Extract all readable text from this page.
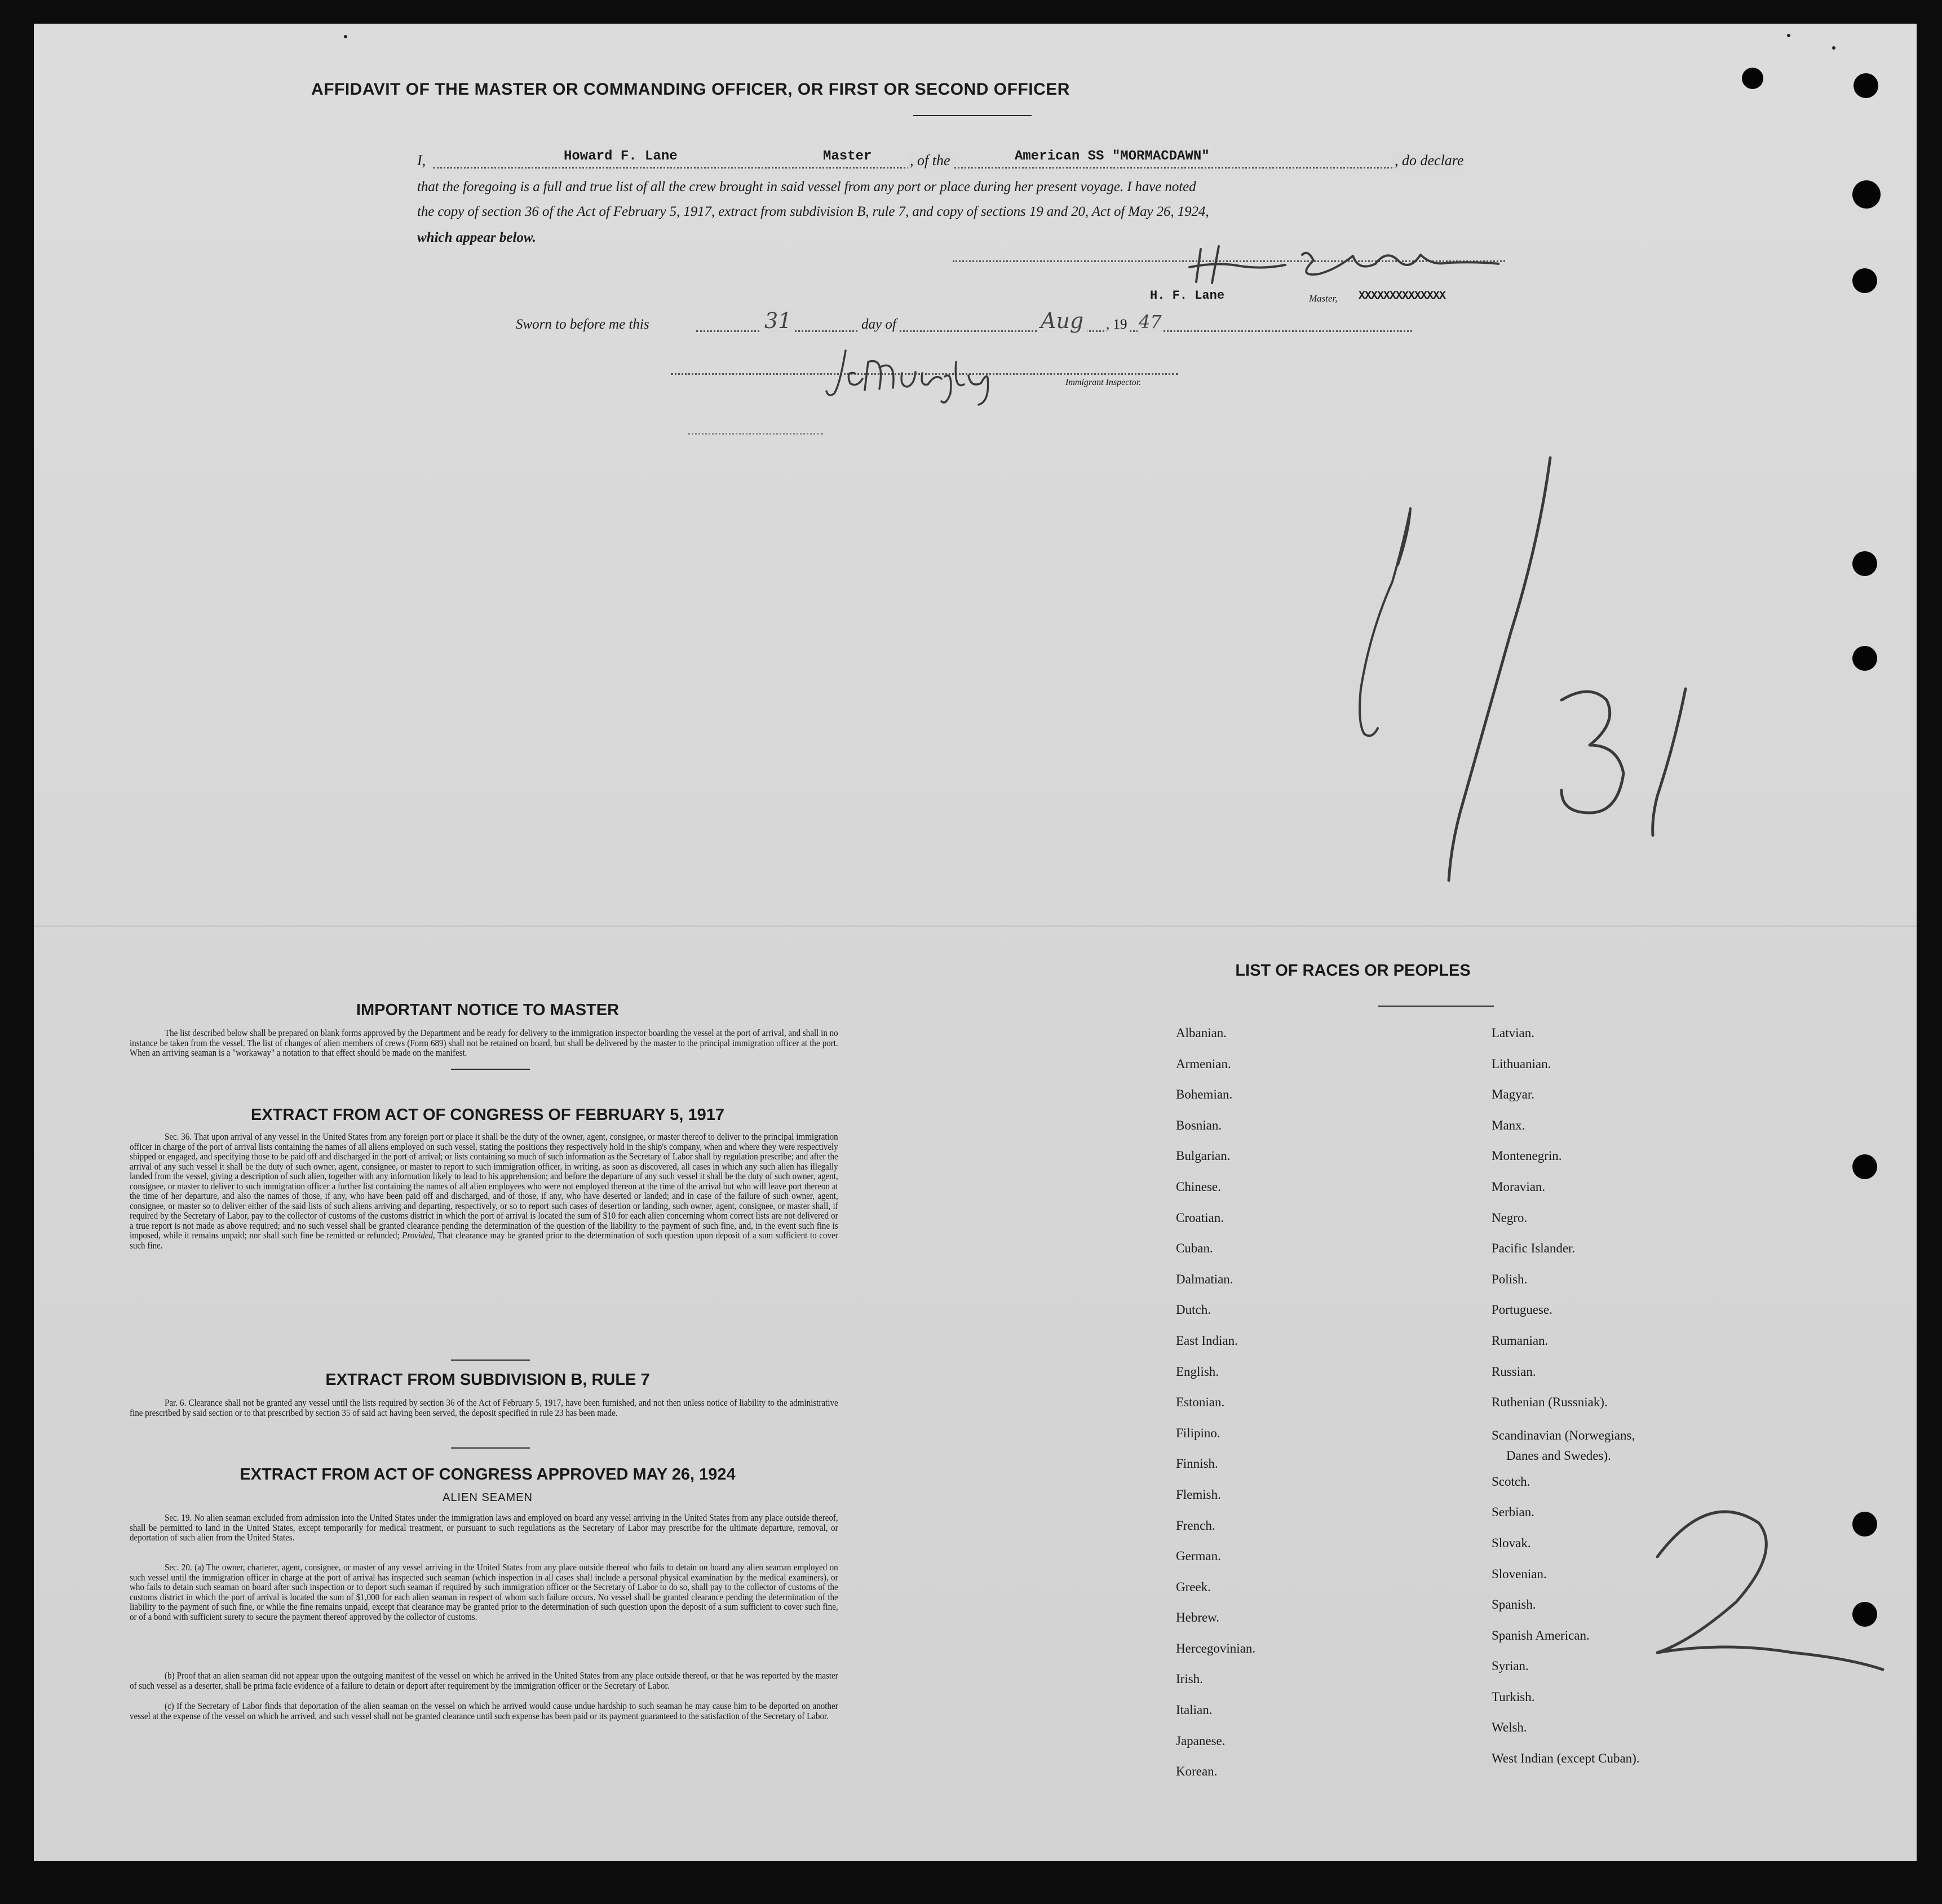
AFFIDAVIT OF THE MASTER OR COMMANDING OFFICER, OR FIRST OR SECOND OFFICER
I,	Howard F. Lane	Master	, of the	American SS "MORMACDAWN"	, do declare
that the foregoing is a full and true list of all the crew brought in said vessel from any port or place during her present voyage. I have noted
the copy of section 36 of the Act of February 5, 1917, extract from subdivision B, rule 7, and copy of sections 19 and 20, Act of May 26, 1924,
which appear below.
H. F. Lane	Master, XXXXXXXXXXXXXX
Sworn to before me this	31	day of	Aug , 19 47
Immigrant Inspector.
IMPORTANT NOTICE TO MASTER
The list described below shall be prepared on blank forms approved by the Department and be ready for delivery to the immigration inspector boarding the vessel at the port of arrival, and shall in no instance be taken from the vessel. The list of changes of alien members of crews (Form 689) shall not be retained on board, but shall be delivered by the master to the principal immigration officer at the port. When an arriving seaman is a "workaway" a notation to that effect should be made on the manifest.
EXTRACT FROM ACT OF CONGRESS OF FEBRUARY 5, 1917
Sec. 36. That upon arrival of any vessel in the United States from any foreign port or place it shall be the duty of the owner, agent, consignee, or master thereof to deliver to the principal immigration officer in charge of the port of arrival lists containing the names of all aliens employed on such vessel, stating the positions they respectively hold in the ship's company, when and where they were respectively shipped or engaged, and specifying those to be paid off and discharged in the port of arrival; or lists containing so much of such information as the Secretary of Labor shall by regulation prescribe; and after the arrival of any such vessel it shall be the duty of such owner, agent, consignee, or master to report to such immigration officer, in writing, as soon as discovered, all cases in which any such alien has illegally landed from the vessel, giving a description of such alien, together with any information likely to lead to his apprehension; and before the departure of any such vessel it shall be the duty of such owner, agent, consignee, or master to deliver to such immigration officer a further list containing the names of all alien employees who were not employed thereon at the time of the arrival but who will leave port thereon at the time of her departure, and also the names of those, if any, who have been paid off and discharged, and of those, if any, who have deserted or landed; and in case of the failure of such owner, agent, consignee, or master so to deliver either of the said lists of such aliens arriving and departing, respectively, or so to report such cases of desertion or landing, such owner, agent, consignee, or master shall, if required by the Secretary of Labor, pay to the collector of customs of the customs district in which the port of arrival is located the sum of $10 for each alien concerning whom correct lists are not delivered or a true report is not made as above required; and no such vessel shall be granted clearance pending the determination of the question of the liability to the payment of such fine, and, in the event such fine is imposed, while it remains unpaid; nor shall such fine be remitted or refunded; Provided, That clearance may be granted prior to the determination of such question upon deposit of a sum sufficient to cover such fine.
EXTRACT FROM SUBDIVISION B, RULE 7
Par. 6. Clearance shall not be granted any vessel until the lists required by section 36 of the Act of February 5, 1917, have been furnished, and not then unless notice of liability to the administrative fine prescribed by said section or to that prescribed by section 35 of said act having been served, the deposit specified in rule 23 has been made.
EXTRACT FROM ACT OF CONGRESS APPROVED MAY 26, 1924
ALIEN SEAMEN
Sec. 19. No alien seaman excluded from admission into the United States under the immigration laws and employed on board any vessel arriving in the United States from any place outside thereof, shall be permitted to land in the United States, except temporarily for medical treatment, or pursuant to such regulations as the Secretary of Labor may prescribe for the ultimate departure, removal, or deportation of such alien from the United States.
Sec. 20. (a) The owner, charterer, agent, consignee, or master of any vessel arriving in the United States from any place outside thereof who fails to detain on board any alien seaman employed on such vessel until the immigration officer in charge at the port of arrival has inspected such seaman (which inspection in all cases shall include a personal physical examination by the medical examiners), or who fails to detain such seaman on board after such inspection or to deport such seaman if required by such immigration officer or the Secretary of Labor to do so, shall pay to the collector of customs of the customs district in which the port of arrival is located the sum of $1,000 for each alien seaman in respect of whom such failure occurs. No vessel shall be granted clearance pending the determination of the liability to the payment of such fine, or while the fine remains unpaid, except that clearance may be granted prior to the determination of such question upon the deposit of a sum sufficient to cover such fine, or of a bond with sufficient surety to secure the payment thereof approved by the collector of customs.
(b) Proof that an alien seaman did not appear upon the outgoing manifest of the vessel on which he arrived in the United States from any place outside thereof, or that he was reported by the master of such vessel as a deserter, shall be prima facie evidence of a failure to detain or deport after requirement by the immigration officer or the Secretary of Labor.
(c) If the Secretary of Labor finds that deportation of the alien seaman on the vessel on which he arrived would cause undue hardship to such seaman he may cause him to be deported on another vessel at the expense of the vessel on which he arrived, and such vessel shall not be granted clearance until such expense has been paid or its payment guaranteed to the satisfaction of the Secretary of Labor.
LIST OF RACES OR PEOPLES
Albanian.
Armenian.
Bohemian.
Bosnian.
Bulgarian.
Chinese.
Croatian.
Cuban.
Dalmatian.
Dutch.
East Indian.
English.
Estonian.
Filipino.
Finnish.
Flemish.
French.
German.
Greek.
Hebrew.
Hercegovinian.
Irish.
Italian.
Japanese.
Korean.
Latvian.
Lithuanian.
Magyar.
Manx.
Montenegrin.
Moravian.
Negro.
Pacific Islander.
Polish.
Portuguese.
Rumanian.
Russian.
Ruthenian (Russniak).
Scandinavian (Norwegians,
Danes and Swedes).
Scotch.
Serbian.
Slovak.
Slovenian.
Spanish.
Spanish American.
Syrian.
Turkish.
Welsh.
West Indian (except Cuban).
